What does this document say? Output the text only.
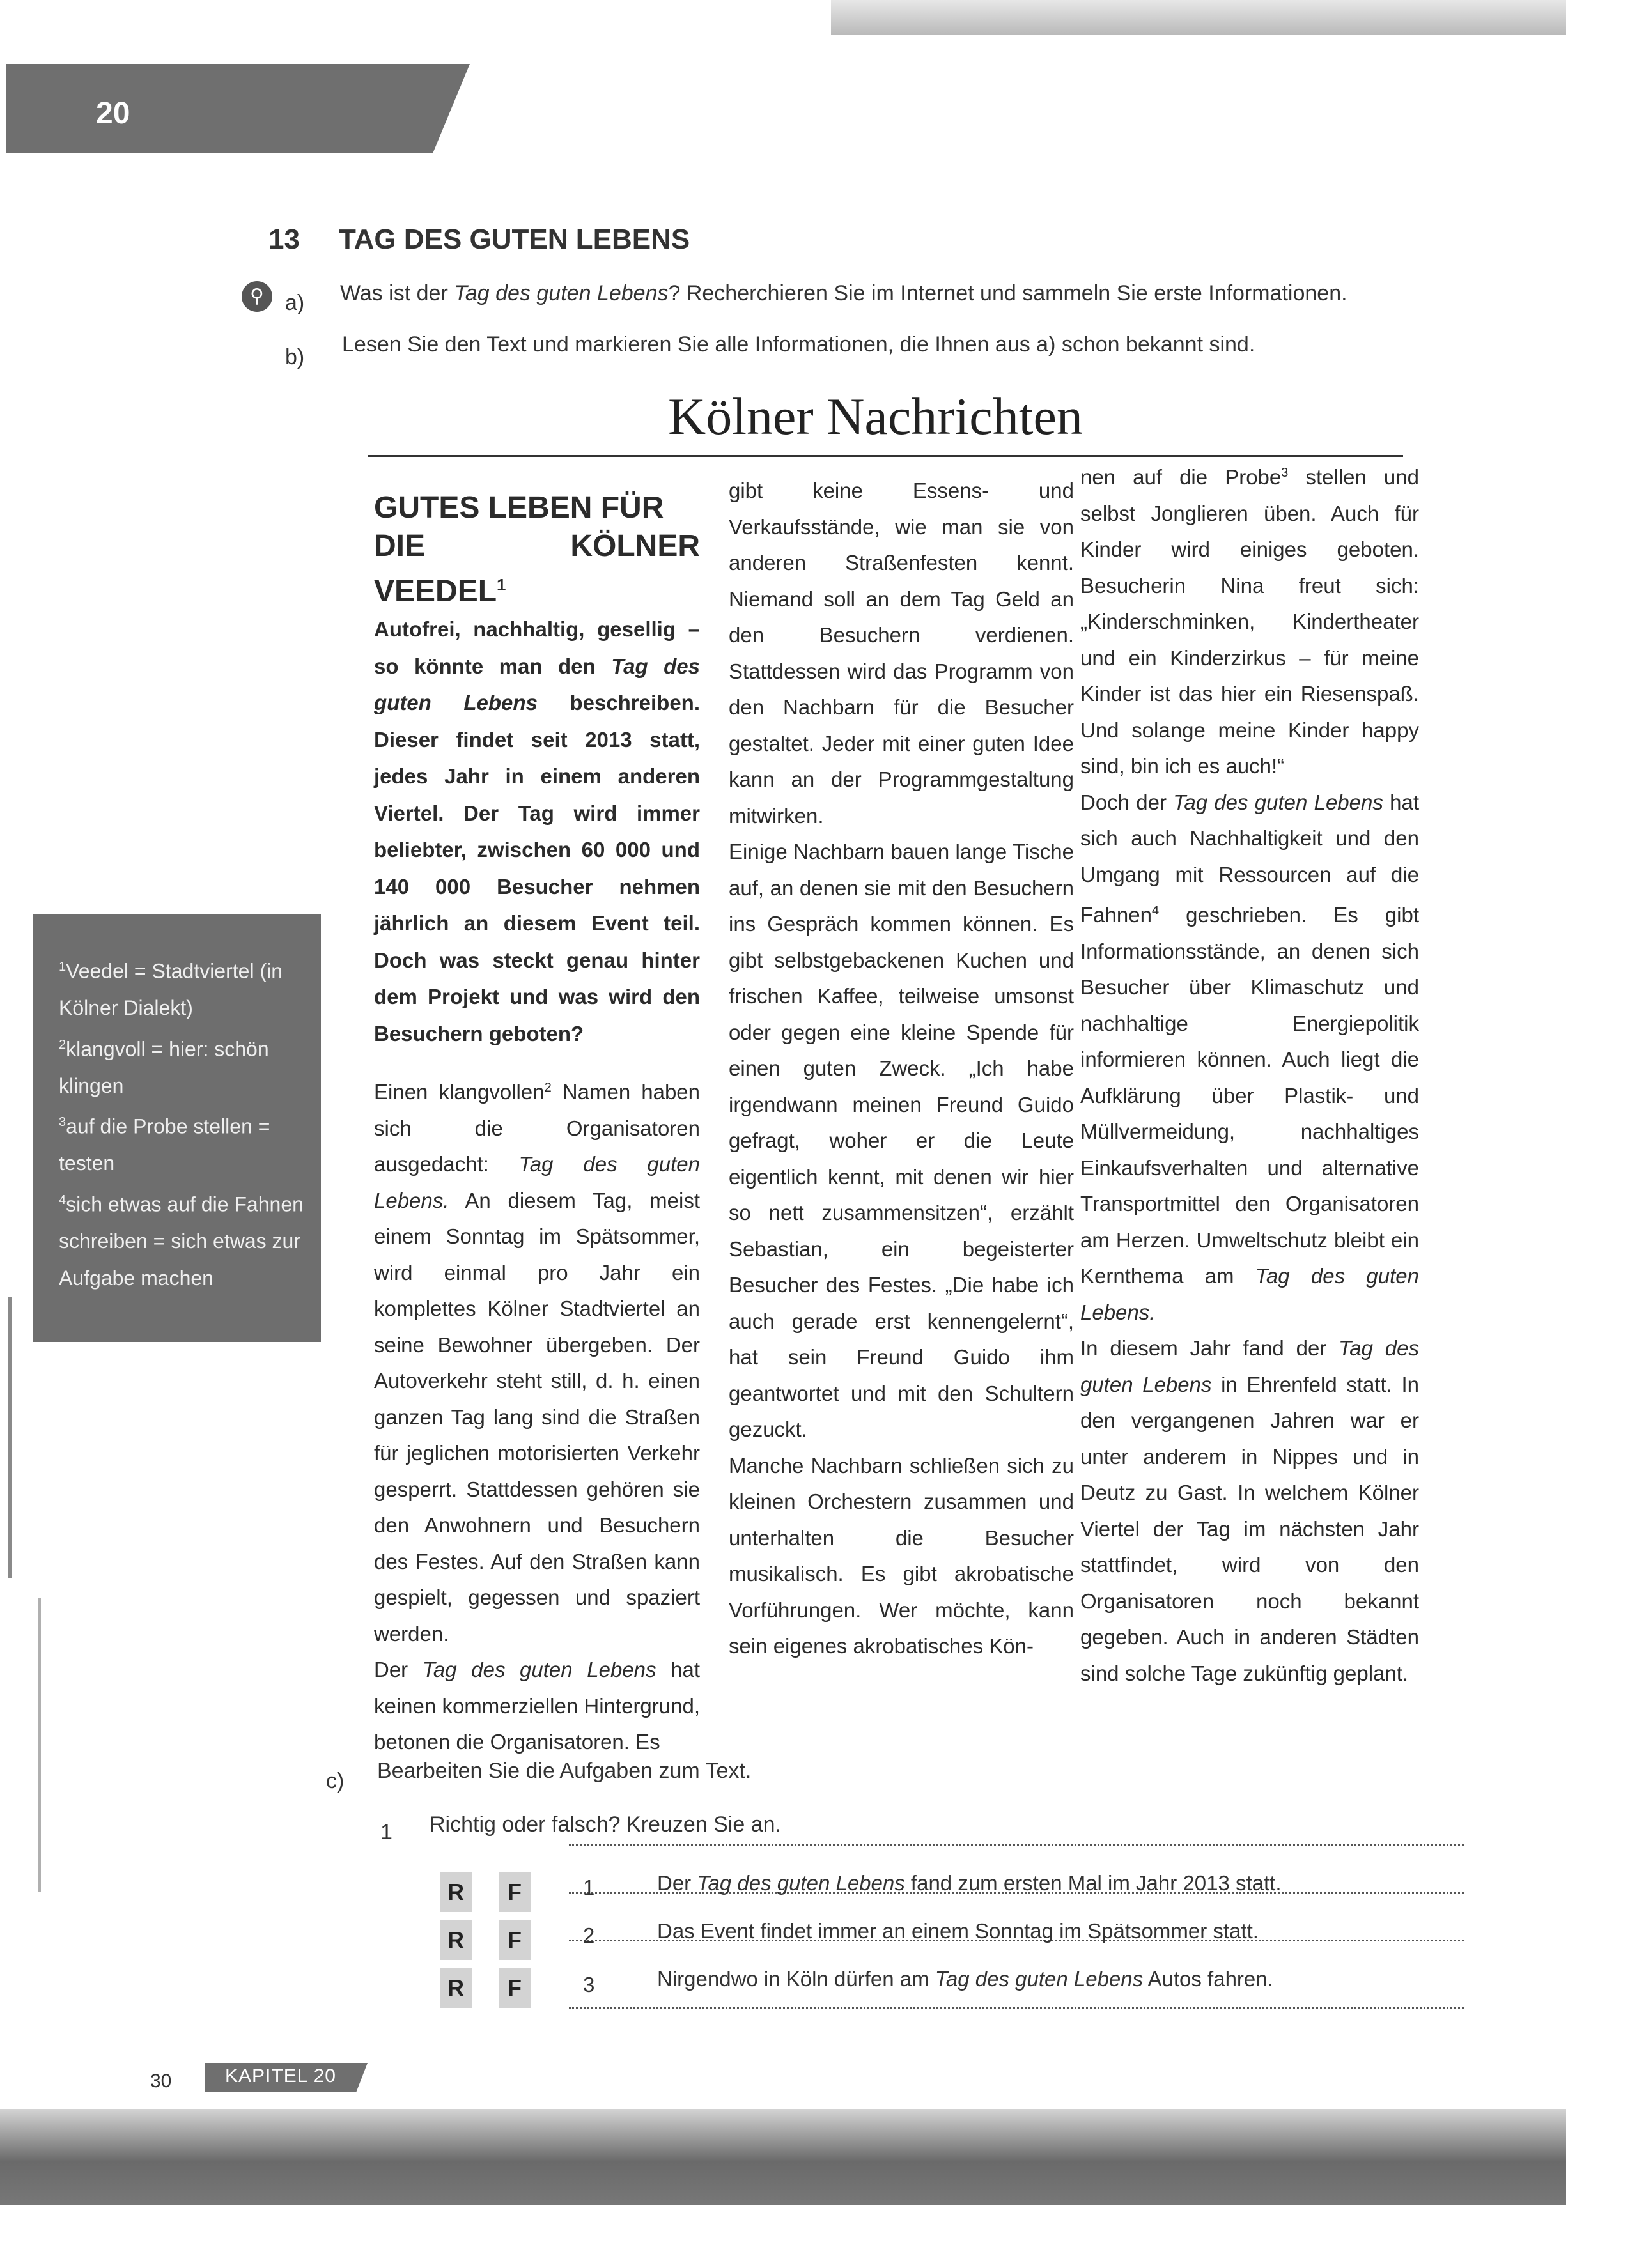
20
13 TAG DES GUTEN LEBENS
⚲ a) Was ist der Tag des guten Lebens? Recherchieren Sie im Internet und sammeln Sie erste Informationen.
b)
Lesen Sie den Text und markieren Sie alle Informationen, die Ihnen aus a) schon bekannt sind.
Kölner Nachrichten

GUTES LEBEN FÜR
DIE KÖLNER VEEDEL$^1$

Autofrei, nachhaltig, gesellig – so könnte man den Tag des guten Lebens beschreiben. Dieser findet seit 2013 statt, jedes Jahr in einem anderen Viertel. Der Tag wird immer beliebter, zwischen 60 000 und 140 000 Besucher nehmen jährlich an diesem Event teil. Doch was steckt genau hinter dem Projekt und was wird den Besuchern geboten?

Einen klangvollen$^2$ Namen haben sich die Organisatoren ausgedacht: Tag des guten Lebens. An diesem Tag, meist einem Sonntag im Spätsommer, wird einmal pro Jahr ein komplettes Kölner Stadtviertel an seine Bewohner übergeben. Der Autoverkehr steht still, d. h. einen ganzen Tag lang sind die Straßen für jeglichen motorisierten Verkehr gesperrt. Stattdessen gehören sie den Anwohnern und Besuchern des Festes. Auf den Straßen kann gespielt, gegessen und spaziert werden.

Der Tag des guten Lebens hat keinen kommerziellen Hintergrund, betonen die Organisatoren. Es

gibt keine Essens- und Verkaufsstände, wie man sie von anderen Straßenfesten kennt. Niemand soll an dem Tag Geld an den Besuchern verdienen. Stattdessen wird das Programm von den Nachbarn für die Besucher gestaltet. Jeder mit einer guten Idee kann an der Programmgestaltung mitwirken.

Einige Nachbarn bauen lange Tische auf, an denen sie mit den Besuchern ins Gespräch kommen können. Es gibt selbstgebackenen Kuchen und frischen Kaffee, teilweise umsonst oder gegen eine kleine Spende für einen guten Zweck. „Ich habe irgendwann meinen Freund Guido gefragt, woher er die Leute eigentlich kennt, mit denen wir hier so nett zusammensitzen“, erzählt Sebastian, ein begeisterter Besucher des Festes. „Die habe ich auch gerade erst kennengelernt“, hat sein Freund Guido ihm geantwortet und mit den Schultern gezuckt.

Manche Nachbarn schließen sich zu kleinen Orchestern zusammen und unterhalten die Besucher musikalisch. Es gibt akrobatische Vorführungen. Wer möchte, kann sein eigenes akrobatisches Kön-

nen auf die Probe$^3$ stellen und selbst Jonglieren üben. Auch für Kinder wird einiges geboten. Besucherin Nina freut sich: „Kinderschminken, Kindertheater und ein Kinderzirkus – für meine Kinder ist das hier ein Riesenspaß. Und solange meine Kinder happy sind, bin ich es auch!“

Doch der Tag des guten Lebens hat sich auch Nachhaltigkeit und den Umgang mit Ressourcen auf die Fahnen$^4$ geschrieben. Es gibt Informationsstände, an denen sich Besucher über Klimaschutz und nachhaltige Energiepolitik informieren können. Auch liegt die Aufklärung über Plastik- und Müllvermeidung, nachhaltiges Einkaufsverhalten und alternative Transportmittel den Organisatoren am Herzen. Umweltschutz bleibt ein Kernthema am Tag des guten Lebens.

In diesem Jahr fand der Tag des guten Lebens in Ehrenfeld statt. In den vergangenen Jahren war er unter anderem in Nippes und in Deutz zu Gast. In welchem Kölner Viertel der Tag im nächsten Jahr stattfindet, wird von den Organisatoren noch bekannt gegeben. Auch in anderen Städten sind solche Tage zukünftig geplant.

$^1$Veedel = Stadtviertel (in Kölner Dialekt)

$^2$klangvoll = hier: schön klingen

$^3$auf die Probe stellen = testen

$^4$sich etwas auf die Fahnen schreiben = sich etwas zur Aufgabe machen

c) Bearbeiten Sie die Aufgaben zum Text.
1 Richtig oder falsch? Kreuzen Sie an.
R	F	1	Der Tag des guten Lebens fand zum ersten Mal im Jahr 2013 statt.
R	F	2	Das Event findet immer an einem Sonntag im Spätsommer statt.
R	F	3	Nirgendwo in Köln dürfen am Tag des guten Lebens Autos fahren.
30	KAPITEL 20
